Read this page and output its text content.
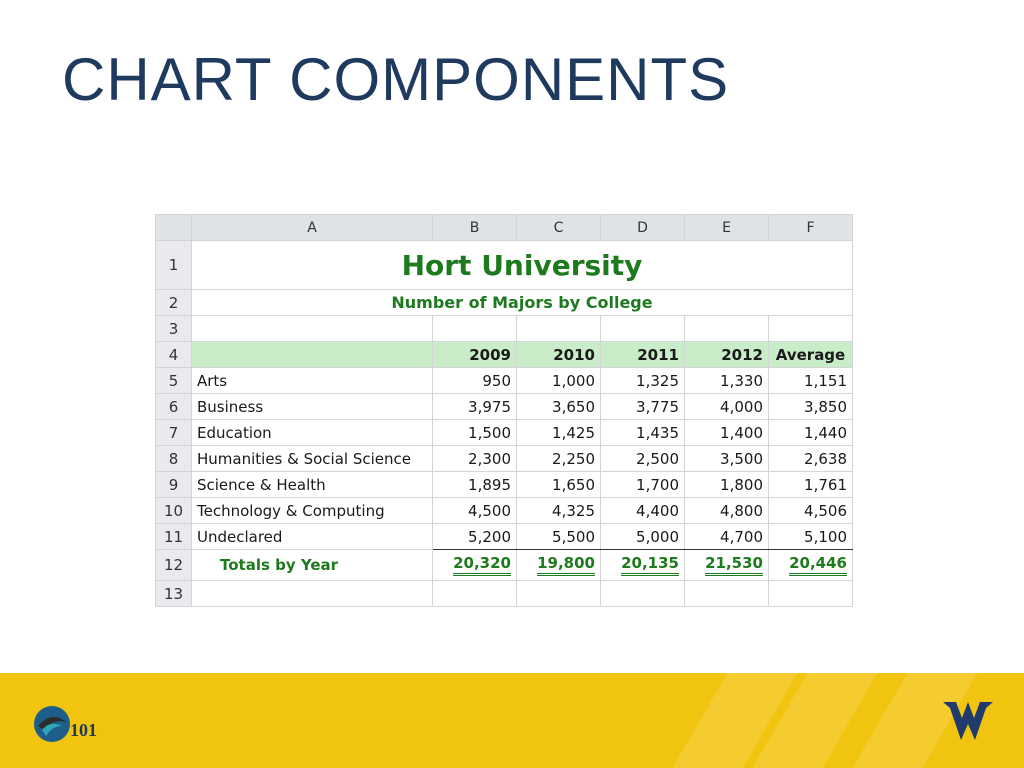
CHART COMPONENTS
	A	B	C	D	E	F
1	Hort University					
2	Number of Majors by College					
3						
4		2009	2010	2011	2012	Average
5	Arts	950	1,000	1,325	1,330	1,151
6	Business	3,975	3,650	3,775	4,000	3,850
7	Education	1,500	1,425	1,435	1,400	1,440
8	Humanities & Social Science	2,300	2,250	2,500	3,500	2,638
9	Science & Health	1,895	1,650	1,700	1,800	1,761
10	Technology & Computing	4,500	4,325	4,400	4,800	4,506
11	Undeclared	5,200	5,500	5,000	4,700	5,100
12	Totals by Year	20,320	19,800	20,135	21,530	20,446
13						
101
